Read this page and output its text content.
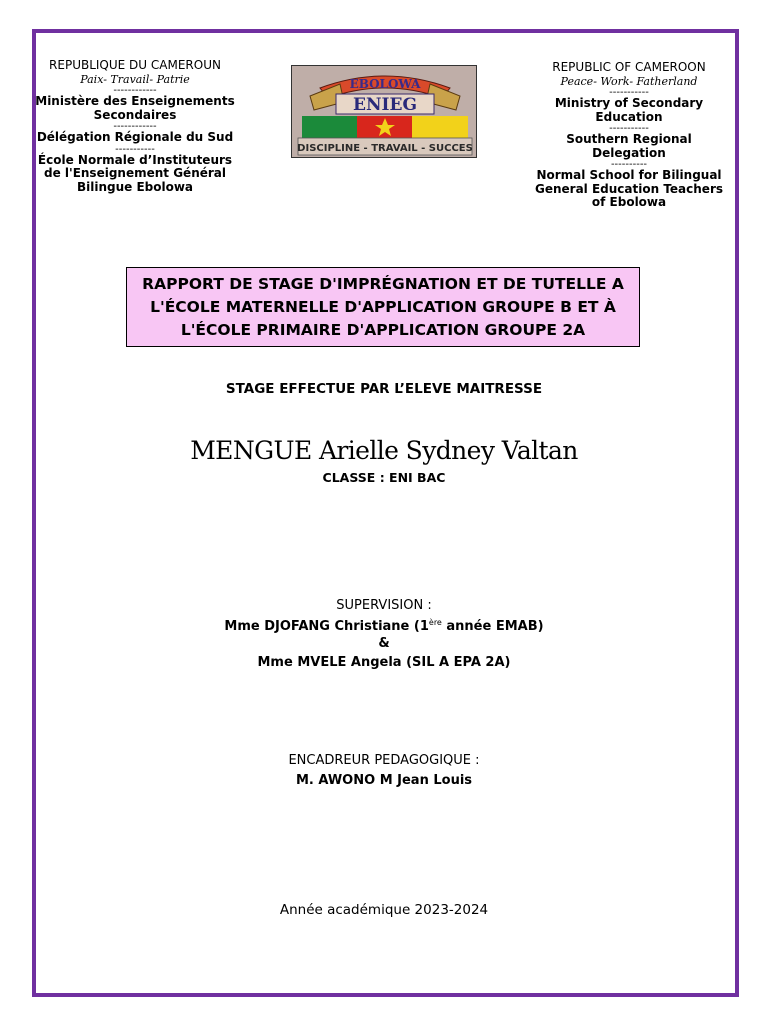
REPUBLIQUE DU CAMEROUN
Paix- Travail- Patrie
------------
Ministère des Enseignements Secondaires
------------
Délégation Régionale du Sud
-----------
École Normale d’Instituteurs de l'Enseignement Général Bilingue Ebolowa
EBOLOWA
ENIEG
DISCIPLINE - TRAVAIL - SUCCES
REPUBLIC OF CAMEROON
Peace- Work- Fatherland
-----------
Ministry of Secondary Education
-----------
Southern Regional Delegation
----------
Normal School for Bilingual General Education Teachers of Ebolowa
RAPPORT DE STAGE D'IMPRÉGNATION ET DE TUTELLE A L'ÉCOLE MATERNELLE D'APPLICATION GROUPE B ET À L'ÉCOLE PRIMAIRE D'APPLICATION GROUPE 2A
STAGE EFFECTUE PAR L’ELEVE MAITRESSE
MENGUE Arielle Sydney Valtan
CLASSE : ENI BAC
SUPERVISION :
Mme DJOFANG Christiane (1ère année EMAB)
&
Mme MVELE Angela (SIL A EPA 2A)
ENCADREUR PEDAGOGIQUE :
M. AWONO M Jean Louis
Année académique 2023-2024
